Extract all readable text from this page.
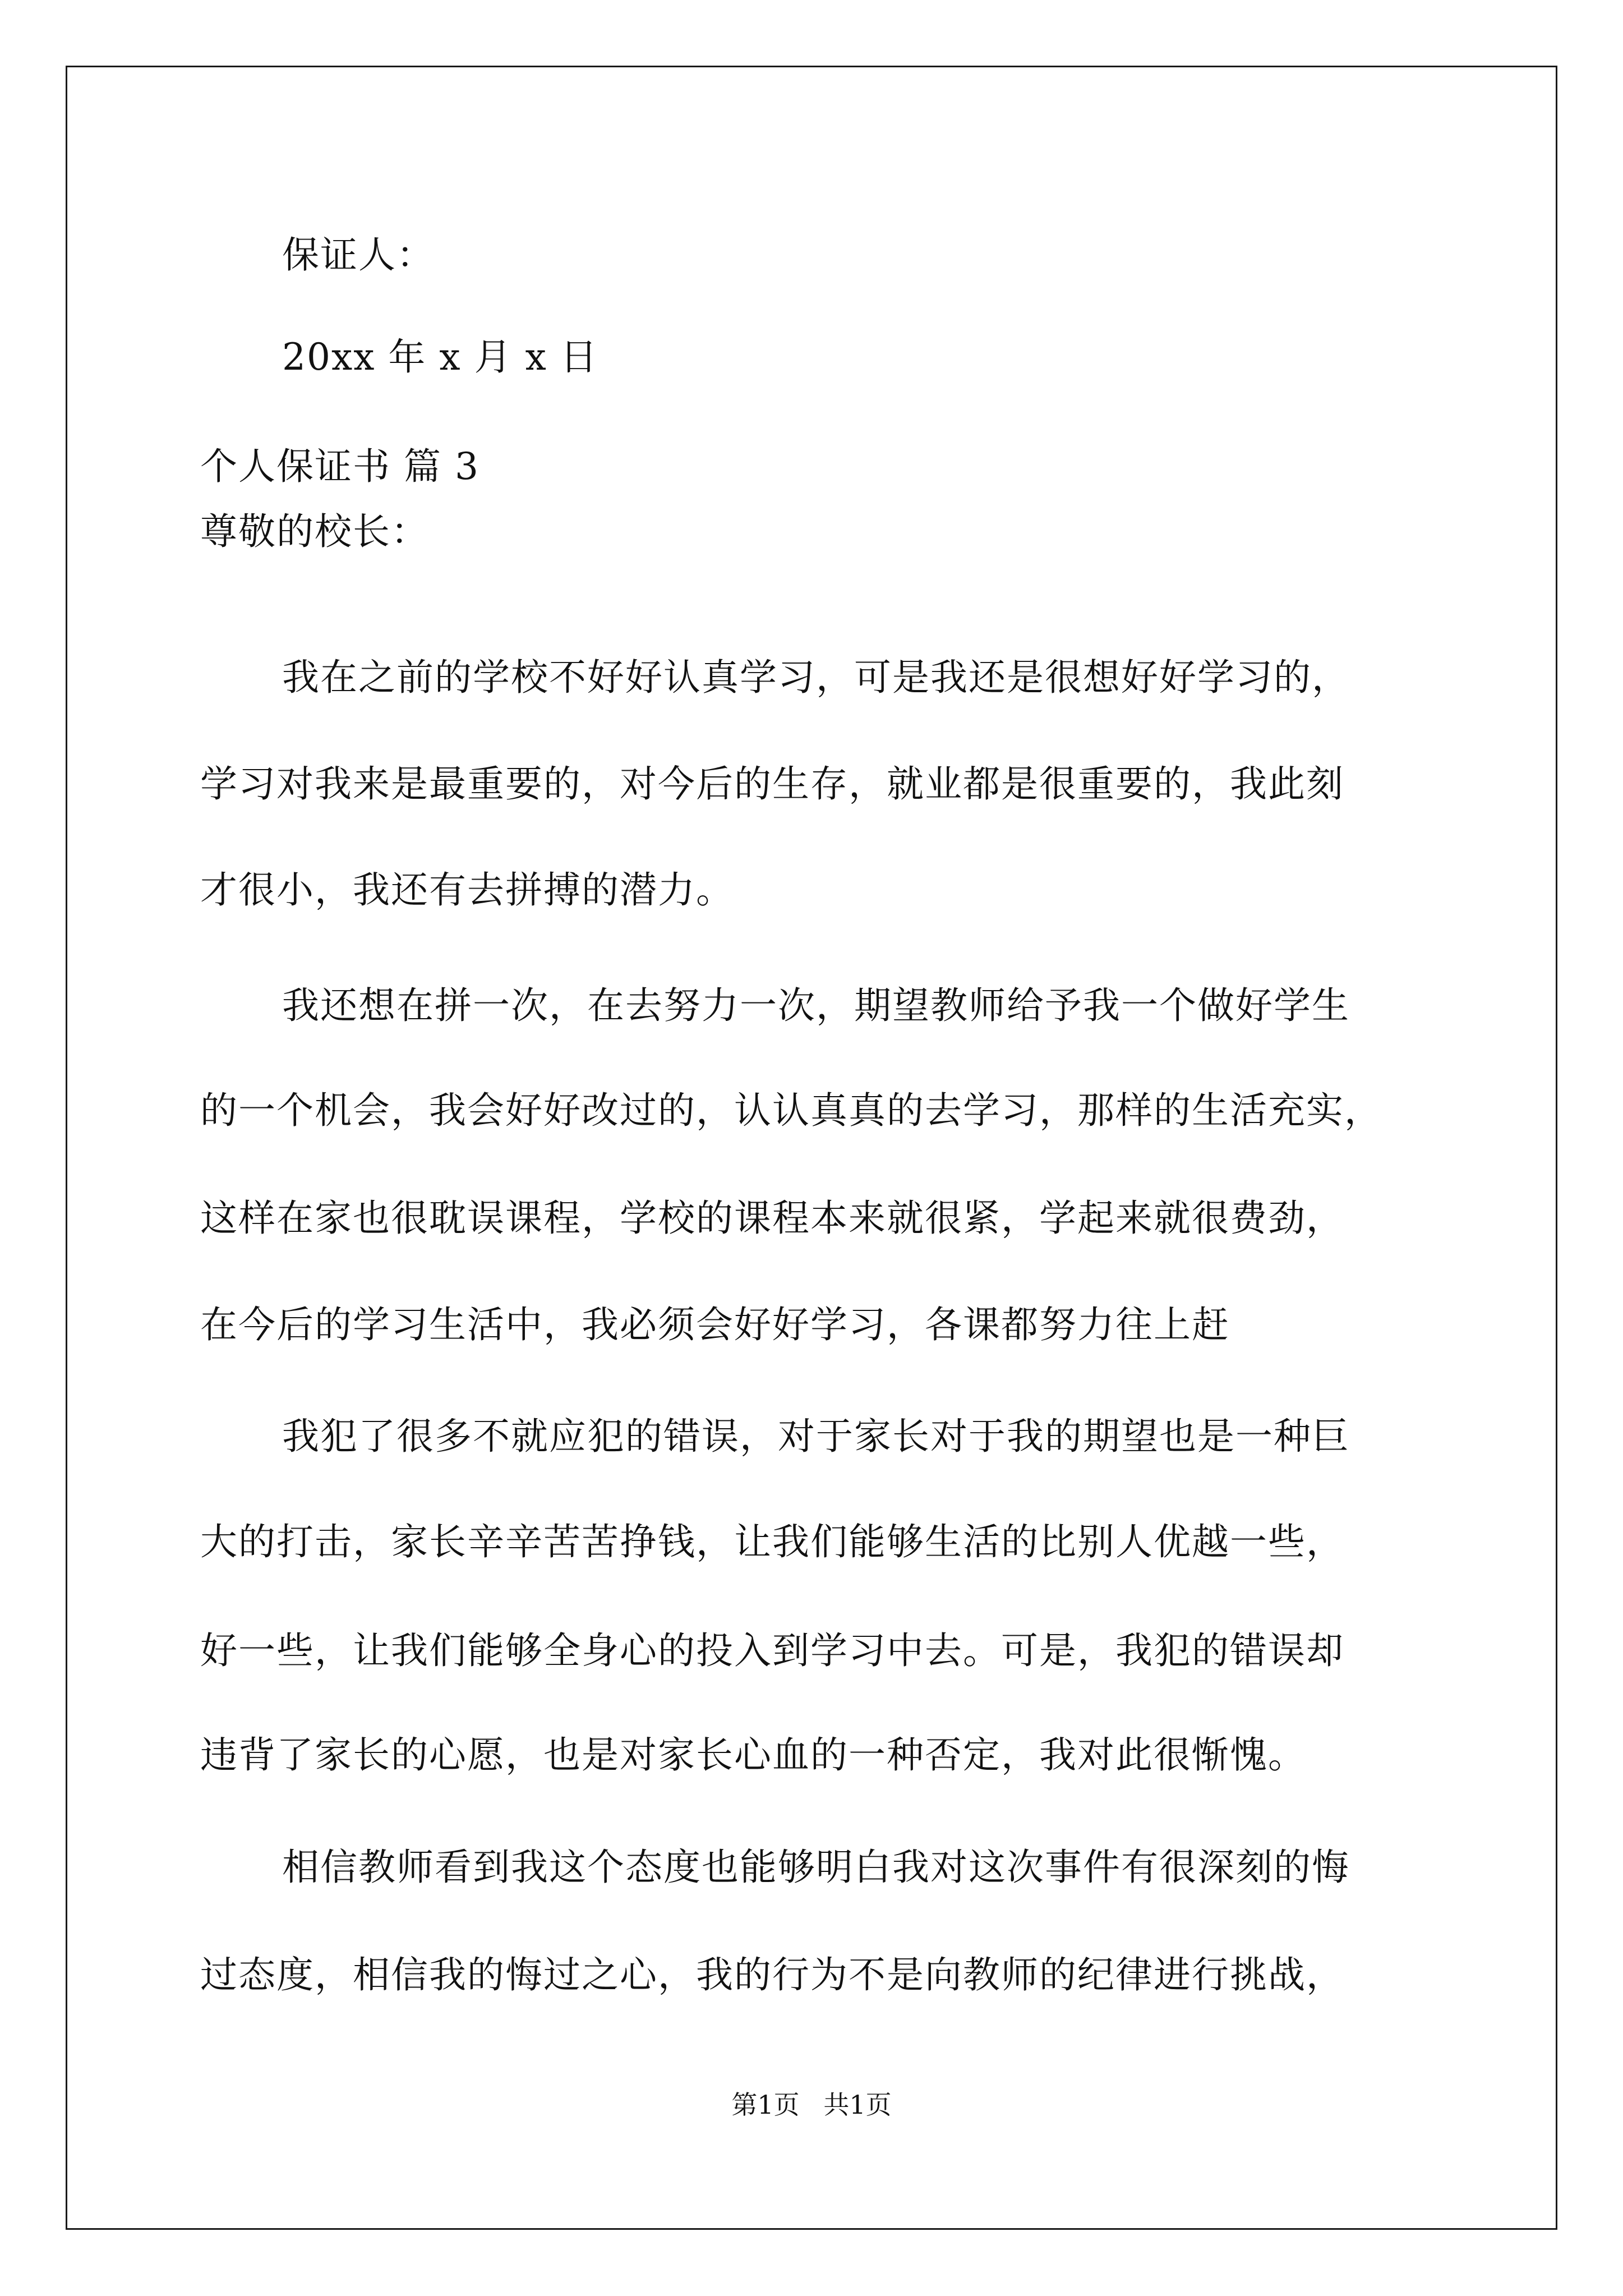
保证人：
20xx 年 x 月 x 日
个人保证书 篇 3
尊敬的校长：
我在之前的学校不好好认真学习，可是我还是很想好好学习的，
学习对我来是最重要的，对今后的生存，就业都是很重要的，我此刻
才很小，我还有去拼搏的潜力。
我还想在拼一次，在去努力一次，期望教师给予我一个做好学生
的一个机会，我会好好改过的，认认真真的去学习，那样的生活充实，
这样在家也很耽误课程，学校的课程本来就很紧，学起来就很费劲，
在今后的学习生活中，我必须会好好学习，各课都努力往上赶
我犯了很多不就应犯的错误，对于家长对于我的期望也是一种巨
大的打击，家长辛辛苦苦挣钱，让我们能够生活的比别人优越一些，
好一些，让我们能够全身心的投入到学习中去。可是，我犯的错误却
违背了家长的心愿，也是对家长心血的一种否定，我对此很惭愧。
相信教师看到我这个态度也能够明白我对这次事件有很深刻的悔
过态度，相信我的悔过之心，我的行为不是向教师的纪律进行挑战，
第1页 共1页
